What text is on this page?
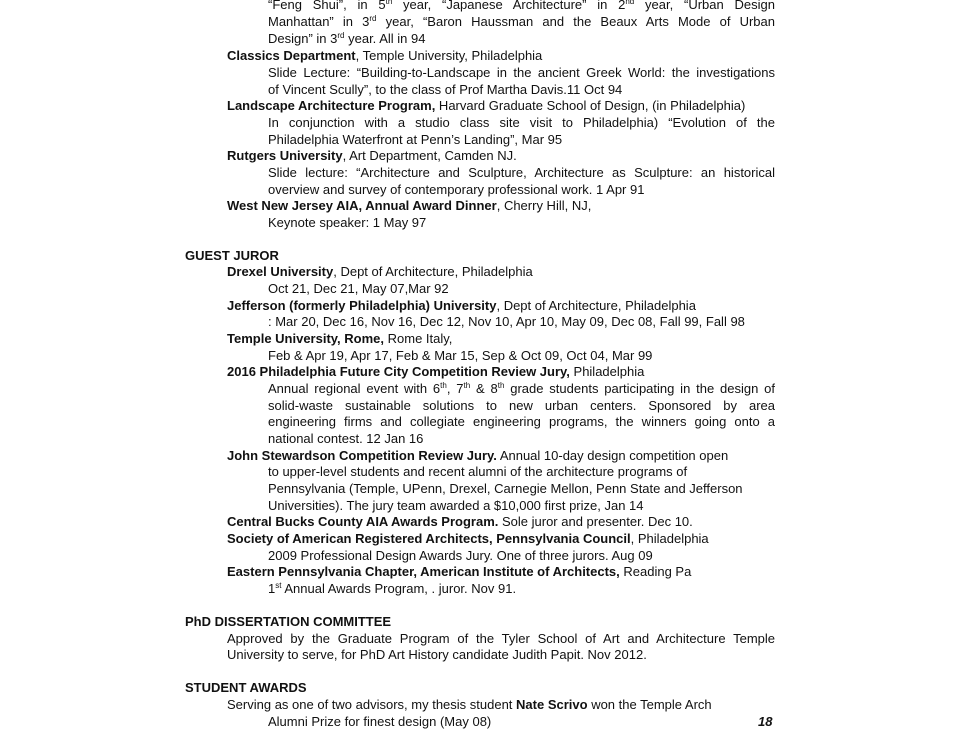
“Feng Shui”, in 5th year, “Japanese Architecture” in 2nd year, “Urban Design
Manhattan” in 3rd year, “Baron Haussman and the Beaux Arts Mode of Urban
Design” in 3rd year. All in 94
Classics Department, Temple University, Philadelphia
Slide Lecture: “Building-to-Landscape in the ancient Greek World: the investigations
of Vincent Scully”, to the class of Prof Martha Davis.11 Oct 94
Landscape Architecture Program, Harvard Graduate School of Design, (in Philadelphia)
In conjunction with a studio class site visit to Philadelphia) “Evolution of the
Philadelphia Waterfront at Penn’s Landing”, Mar 95
Rutgers University, Art Department, Camden NJ.
Slide lecture: “Architecture and Sculpture, Architecture as Sculpture: an historical
overview and survey of contemporary professional work. 1 Apr 91
West New Jersey AIA, Annual Award Dinner, Cherry Hill, NJ,
Keynote speaker: 1 May 97
GUEST JUROR
Drexel University, Dept of Architecture, Philadelphia
Oct 21, Dec 21, May 07,Mar 92
Jefferson (formerly Philadelphia) University, Dept of Architecture, Philadelphia
: Mar 20, Dec 16, Nov 16, Dec 12, Nov 10, Apr 10, May 09, Dec 08, Fall 99, Fall 98
Temple University, Rome, Rome Italy,
Feb & Apr 19, Apr 17, Feb & Mar 15, Sep & Oct 09, Oct 04, Mar 99
2016 Philadelphia Future City Competition Review Jury, Philadelphia
Annual regional event with 6th, 7th & 8th grade students participating in the design of
solid-waste sustainable solutions to new urban centers. Sponsored by area
engineering firms and collegiate engineering programs, the winners going onto a
national contest. 12 Jan 16
John Stewardson Competition Review Jury. Annual 10-day design competition open
to upper-level students and recent alumni of the architecture programs of
Pennsylvania (Temple, UPenn, Drexel, Carnegie Mellon, Penn State and Jefferson
Universities). The jury team awarded a $10,000 first prize, Jan 14
Central Bucks County AIA Awards Program. Sole juror and presenter. Dec 10.
Society of American Registered Architects, Pennsylvania Council, Philadelphia
2009 Professional Design Awards Jury. One of three jurors. Aug 09
Eastern Pennsylvania Chapter, American Institute of Architects, Reading Pa
1st Annual Awards Program, . juror. Nov 91.
PhD DISSERTATION COMMITTEE
Approved by the Graduate Program of the Tyler School of Art and Architecture Temple
University to serve, for PhD Art History candidate Judith Papit. Nov 2012.
STUDENT AWARDS
Serving as one of two advisors, my thesis student Nate Scrivo won the Temple Arch
Alumni Prize for finest design (May 08)	18
